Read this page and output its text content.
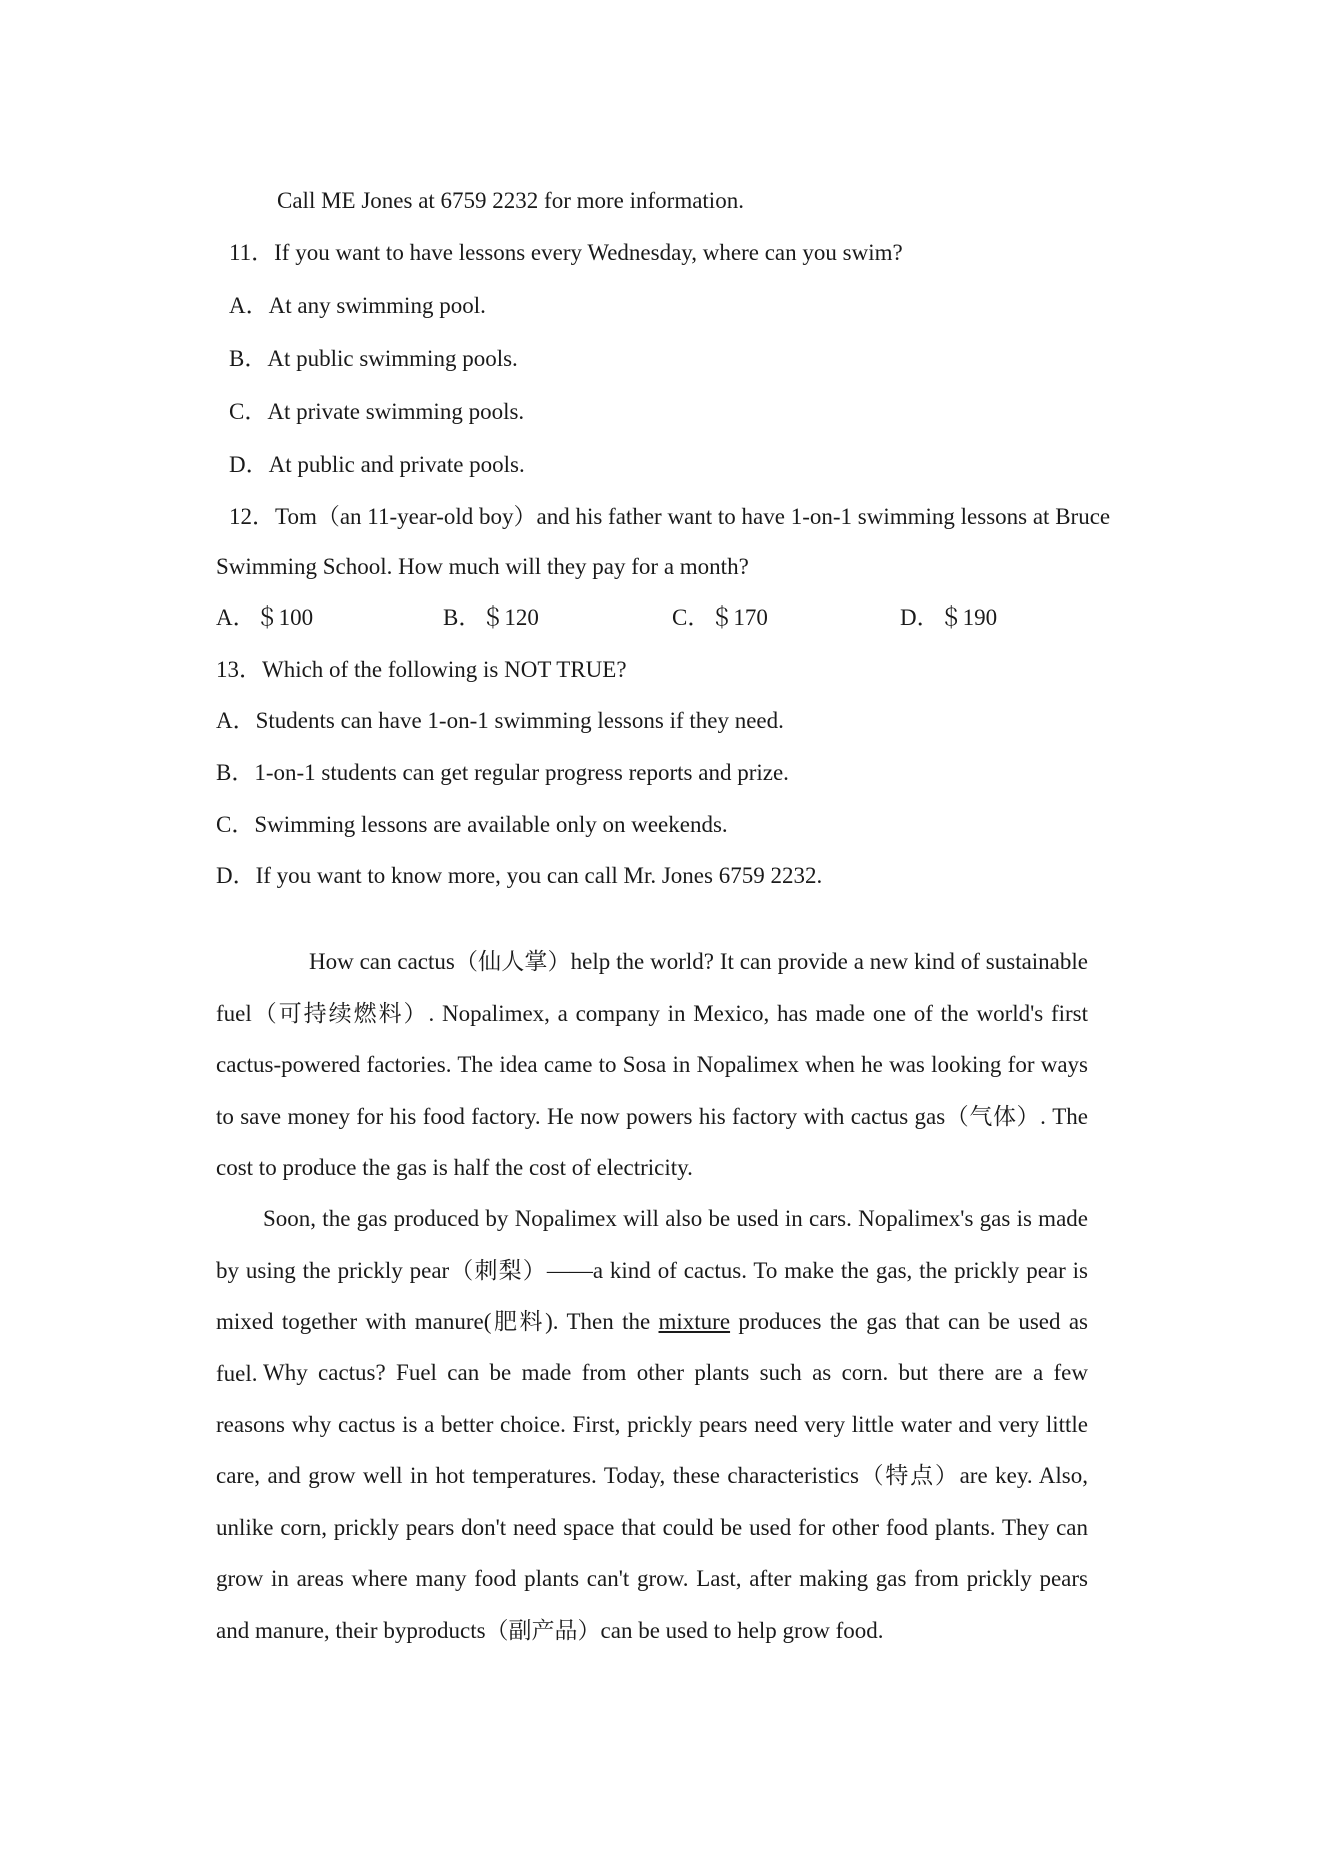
Call ME Jones at 6759 2232 for more information.
11．If you want to have lessons every Wednesday, where can you swim?
A．At any swimming pool.
B．At public swimming pools.
C．At private swimming pools.
D．At public and private pools.
12．Tom（an 11-year-old boy）and his father want to have 1-on-1 swimming lessons at Bruce
Swimming School. How much will they pay for a month?
A．＄100	B．＄120	C．＄170	D．＄190
13．Which of the following is NOT TRUE?
A．Students can have 1-on-1 swimming lessons if they need.
B．1-on-1 students can get regular progress reports and prize.
C．Swimming lessons are available only on weekends.
D．If you want to know more, you can call Mr. Jones 6759 2232.
How can cactus（仙人掌）help the world? It can provide a new kind of sustainable fuel（可持续燃料）. Nopalimex, a company in Mexico, has made one of the world's first cactus-powered factories. The idea came to Sosa in Nopalimex when he was looking for ways to save money for his food factory. He now powers his factory with cactus gas（气体）. The cost to produce the gas is half the cost of electricity.
Soon, the gas produced by Nopalimex will also be used in cars. Nopalimex's gas is made by using the prickly pear（刺梨）——a kind of cactus. To make the gas, the prickly pear is mixed together with manure(肥料). Then the mixture produces the gas that can be used as fuel. Why cactus? Fuel can be made from other plants such as corn. but there are a few reasons why cactus is a better choice. First, prickly pears need very little water and very little care, and grow well in hot temperatures. Today, these characteristics（特点）are key. Also, unlike corn, prickly pears don't need space that could be used for other food plants. They can grow in areas where many food plants can't grow. Last, after making gas from prickly pears and manure, their byproducts（副产品）can be used to help grow food.
